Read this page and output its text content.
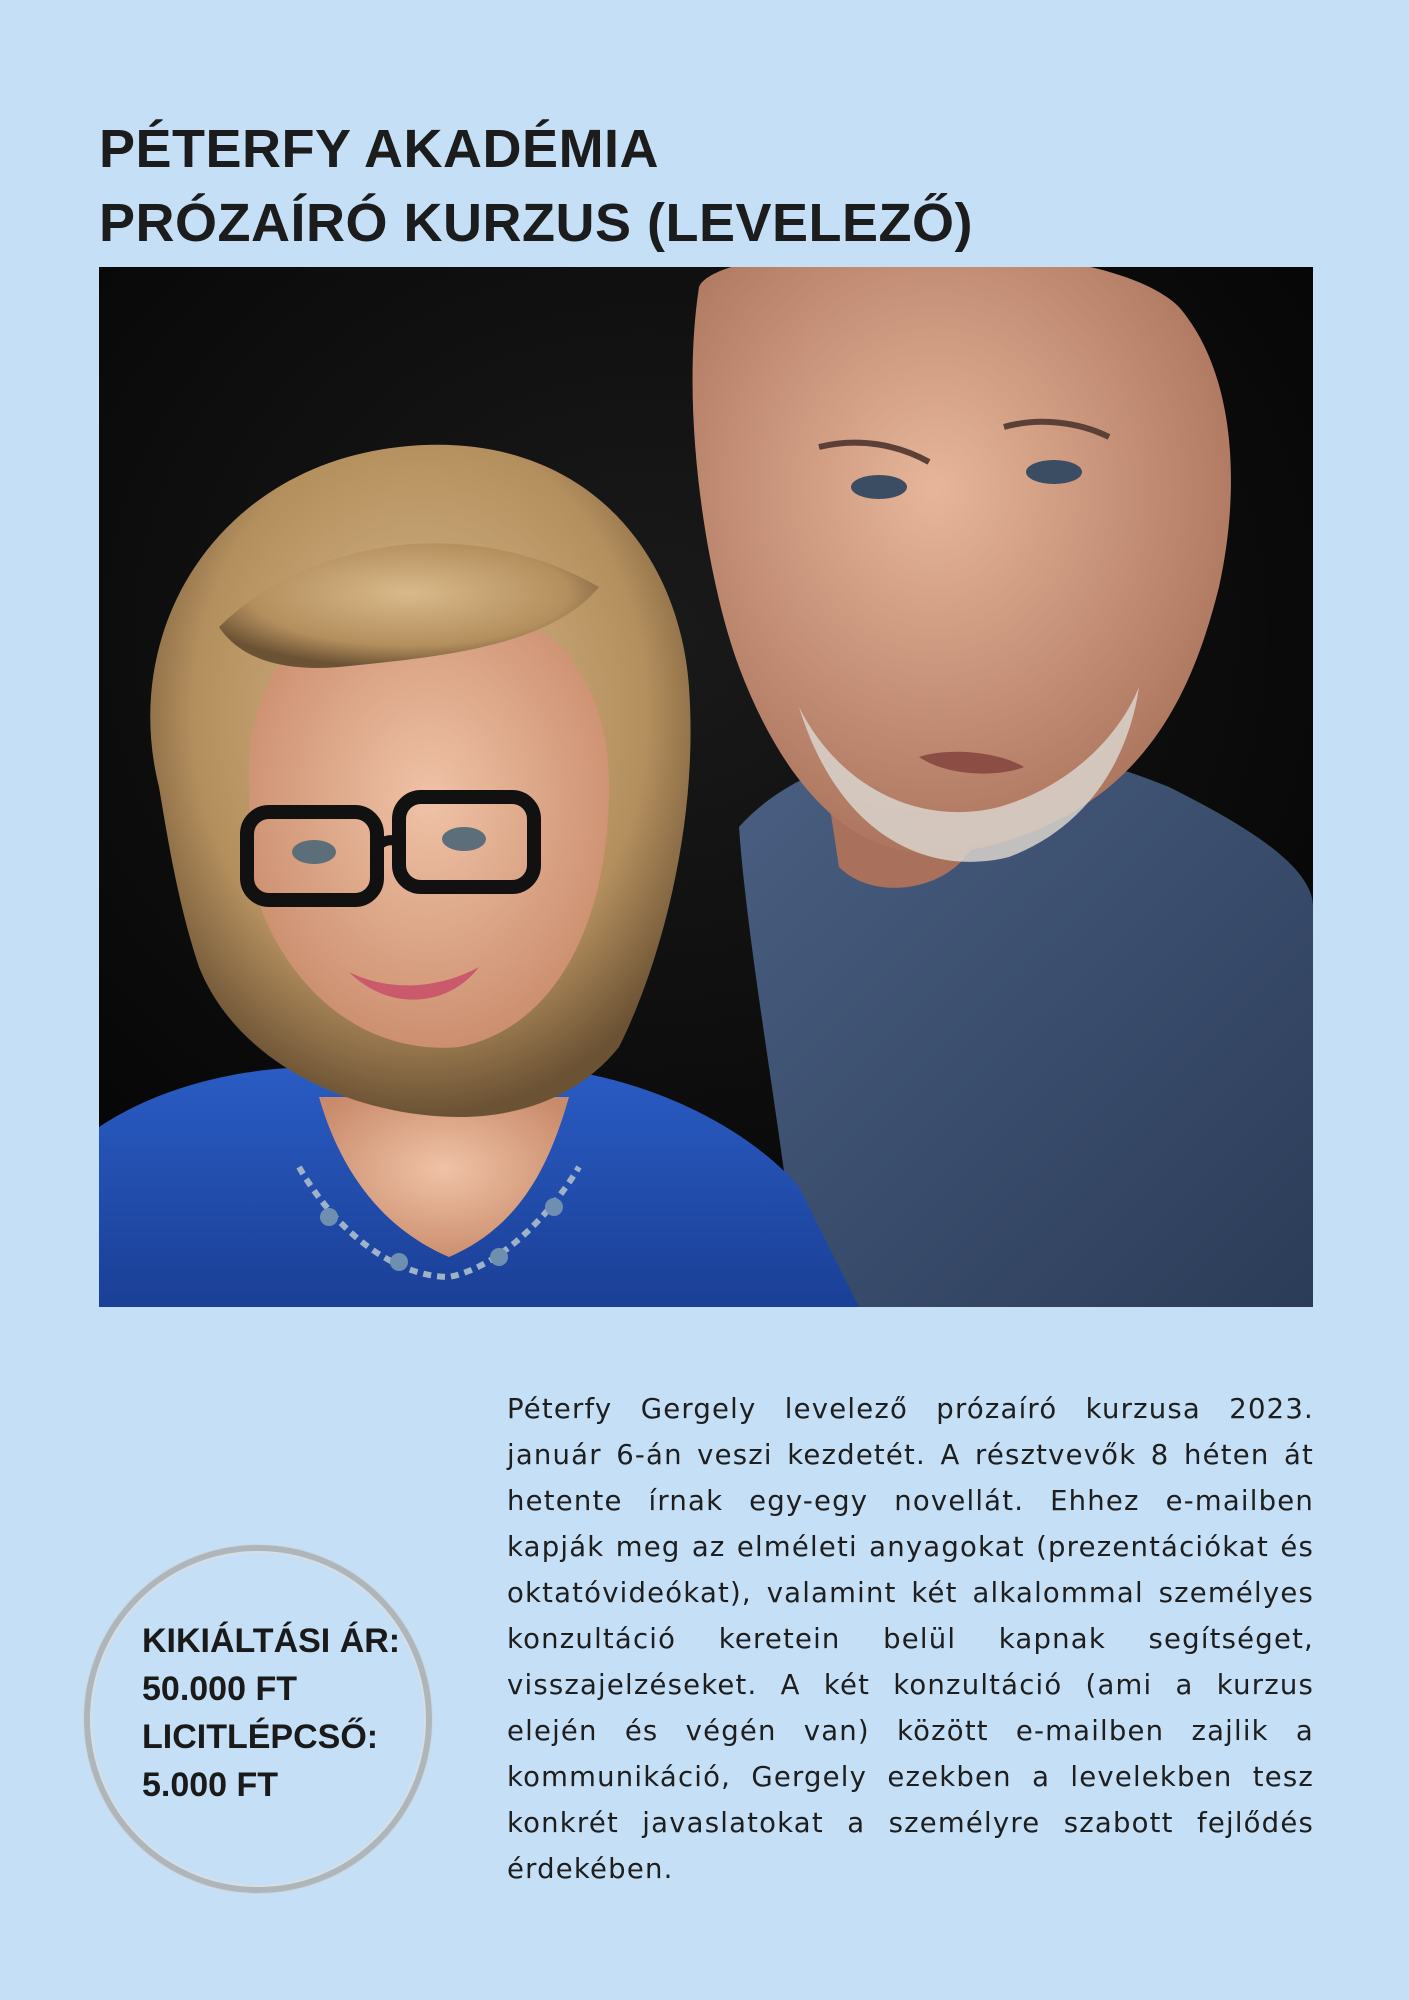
PÉTERFY AKADÉMIA
PRÓZAÍRÓ KURZUS (LEVELEZŐ)
KIKIÁLTÁSI ÁR:
50.000 FT
LICITLÉPCSŐ:
5.000 FT

Péterfy Gergely levelező prózaíró kurzusa 2023. január 6-án veszi kezdetét. A résztvevők 8 héten át hetente írnak egy-egy novellát. Ehhez e-mailben kapják meg az elméleti anyagokat (prezentációkat és oktatóvideókat), valamint két alkalommal személyes konzultáció keretein belül kapnak segítséget, visszajelzéseket. A két konzultáció (ami a kurzus elején és végén van) között e-mailben zajlik a kommunikáció, Gergely ezekben a levelekben tesz konkrét javaslatokat a személyre szabott fejlődés érdekében.
